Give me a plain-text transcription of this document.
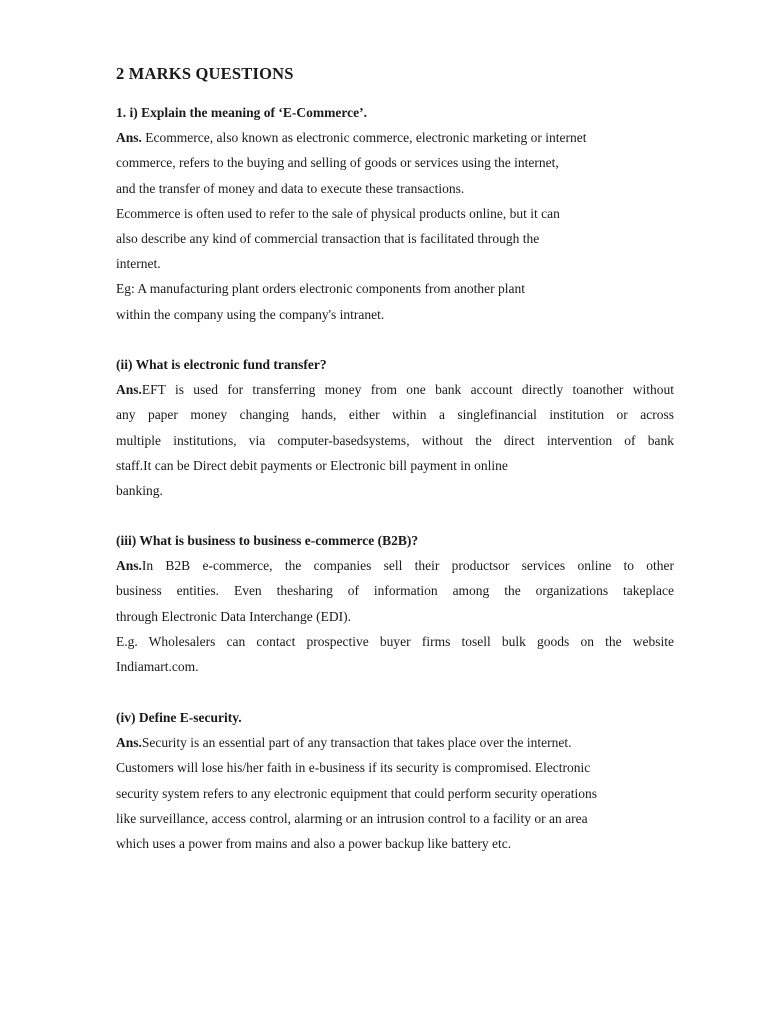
2 MARKS QUESTIONS
1. i) Explain the meaning of ‘E-Commerce’.
Ans. Ecommerce, also known as electronic commerce, electronic marketing or internet
commerce, refers to the buying and selling of goods or services using the internet,
and the transfer of money and data to execute these transactions.
Ecommerce is often used to refer to the sale of physical products online, but it can
also describe any kind of commercial transaction that is facilitated through the
internet.
Eg: A manufacturing plant orders electronic components from another plant
within the company using the company's intranet.
(ii) What is electronic fund transfer?
Ans.EFT is used for transferring money from one bank account directly toanother without
any paper money changing hands, either within a singlefinancial institution or across
multiple institutions, via computer-basedsystems, without the direct intervention of bank
staff.It can be Direct debit payments or Electronic bill payment in online
banking.
(iii) What is business to business e-commerce (B2B)?
Ans.In B2B e-commerce, the companies sell their productsor services online to other
business entities. Even thesharing of information among the organizations takeplace
through Electronic Data Interchange (EDI).
E.g. Wholesalers can contact prospective buyer firms tosell bulk goods on the website
Indiamart.com.
(iv) Define E-security.
Ans.Security is an essential part of any transaction that takes place over the internet.
Customers will lose his/her faith in e-business if its security is compromised. Electronic
security system refers to any electronic equipment that could perform security operations
like surveillance, access control, alarming or an intrusion control to a facility or an area
which uses a power from mains and also a power backup like battery etc.
